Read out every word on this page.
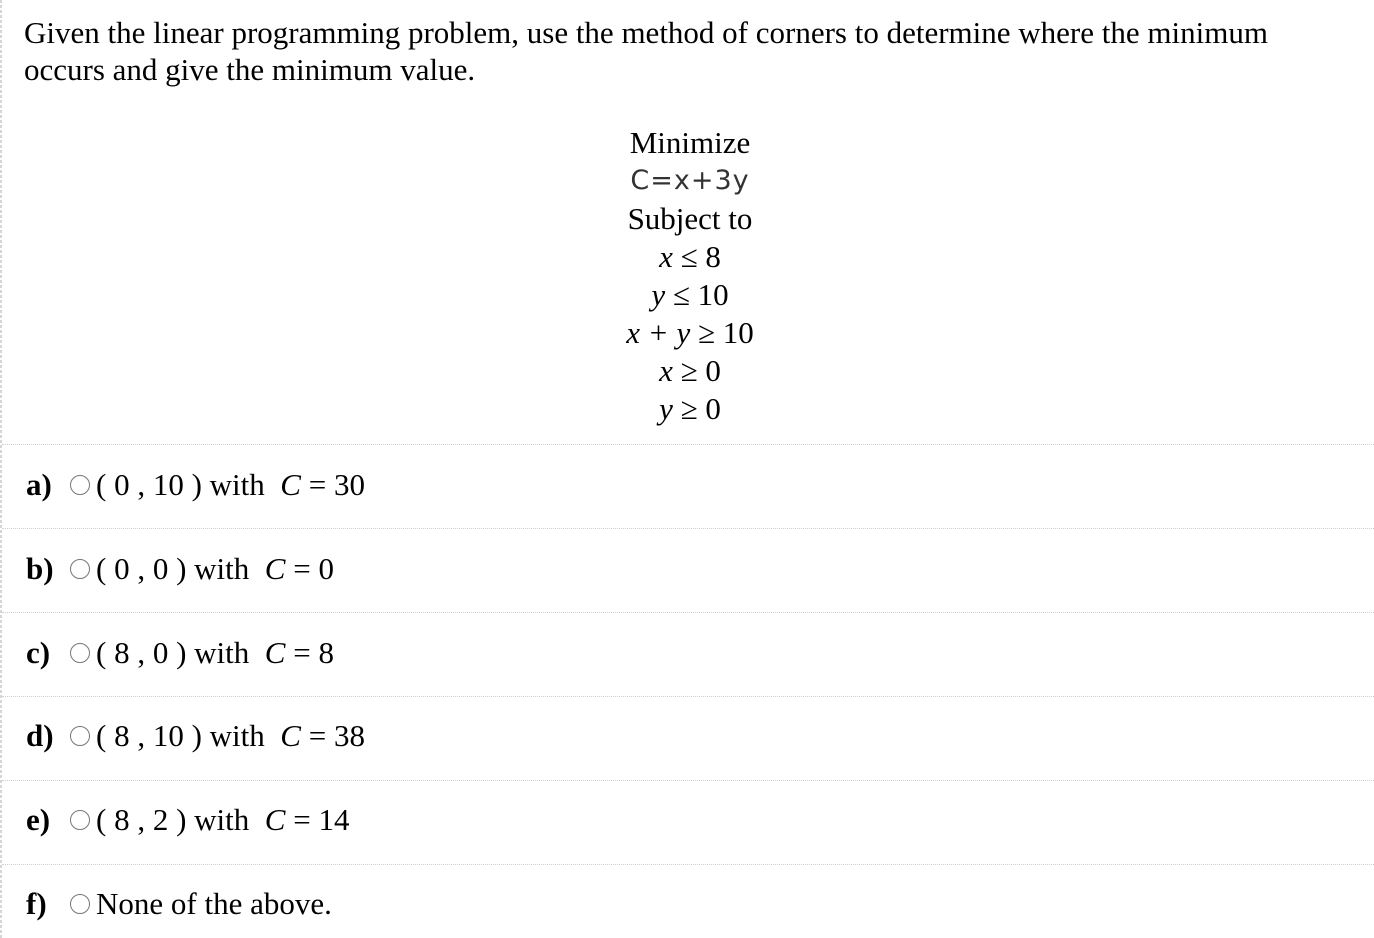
Given the linear programming problem, use the method of corners to determine where the minimum occurs and give the minimum value.
Minimize
C=x+3y
Subject to
x ≤ 8
y ≤ 10
x + y ≥ 10
x ≥ 0
y ≥ 0
a)	( 0 , 10 ) with C = 30
b)	( 0 , 0 ) with C = 0
c)	( 8 , 0 ) with C = 8
d)	( 8 , 10 ) with C = 38
e)	( 8 , 2 ) with C = 14
f)	None of the above.
